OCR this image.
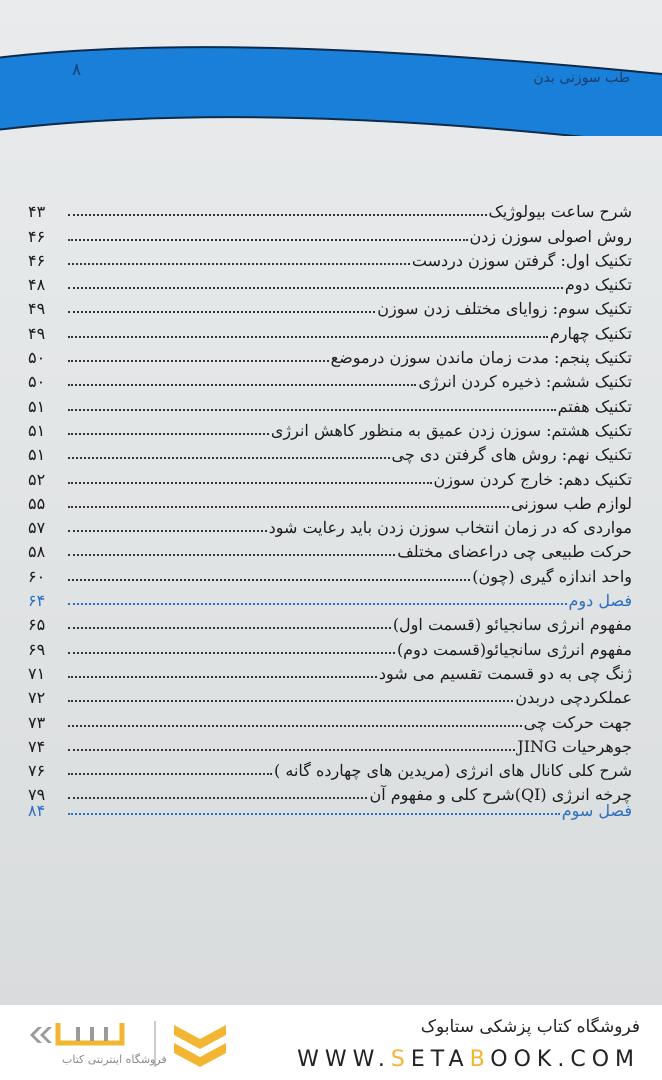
طب سوزنی بدن
۸
شرح ساعت بیولوژیک
۴۳
روش اصولی سوزن زدن
۴۶
تکنیک اول: گرفتن سوزن دردست
۴۶
تکنیک دوم
۴۸
تکنیک سوم: زوایای مختلف زدن سوزن
۴۹
تکنیک چهارم
۴۹
تکنیک پنجم: مدت زمان ماندن سوزن درموضع
۵۰
تکنیک ششم: ذخیره کردن انرژی
۵۰
تکنیک هفتم
۵۱
تکنیک هشتم: سوزن زدن عمیق به منظور کاهش انرژی
۵۱
تکنیک نهم: روش های گرفتن دی چی
۵۱
تکنیک دهم: خارج کردن سوزن
۵۲
لوازم طب سوزنی
۵۵
مواردی که در زمان انتخاب سوزن زدن باید رعایت شود
۵۷
حرکت طبیعی چی دراعضای مختلف
۵۸
واحد اندازه گیری (چون)
۶۰
فصل دوم
۶۴
مفهوم انرژی سانجیائو (قسمت اول)
۶۵
مفهوم انرژی سانجیائو(قسمت دوم)
۶۹
ژنگ چی به دو قسمت تقسیم می شود
۷۱
عملکردچی دربدن
۷۲
جهت حرکت چی
۷۳
جوهرحیات JING
۷۴
شرح کلی کانال های انرژی (مریدین های چهارده گانه )
۷۶
چرخه انرژی (QI)شرح کلی و مفهوم آن
۷۹
فصل سوم
۸۴
فروشگاه اینترنتی کتاب
فروشگاه کتاب پزشکی ستابوک
WWW.SETABOOK.COM
